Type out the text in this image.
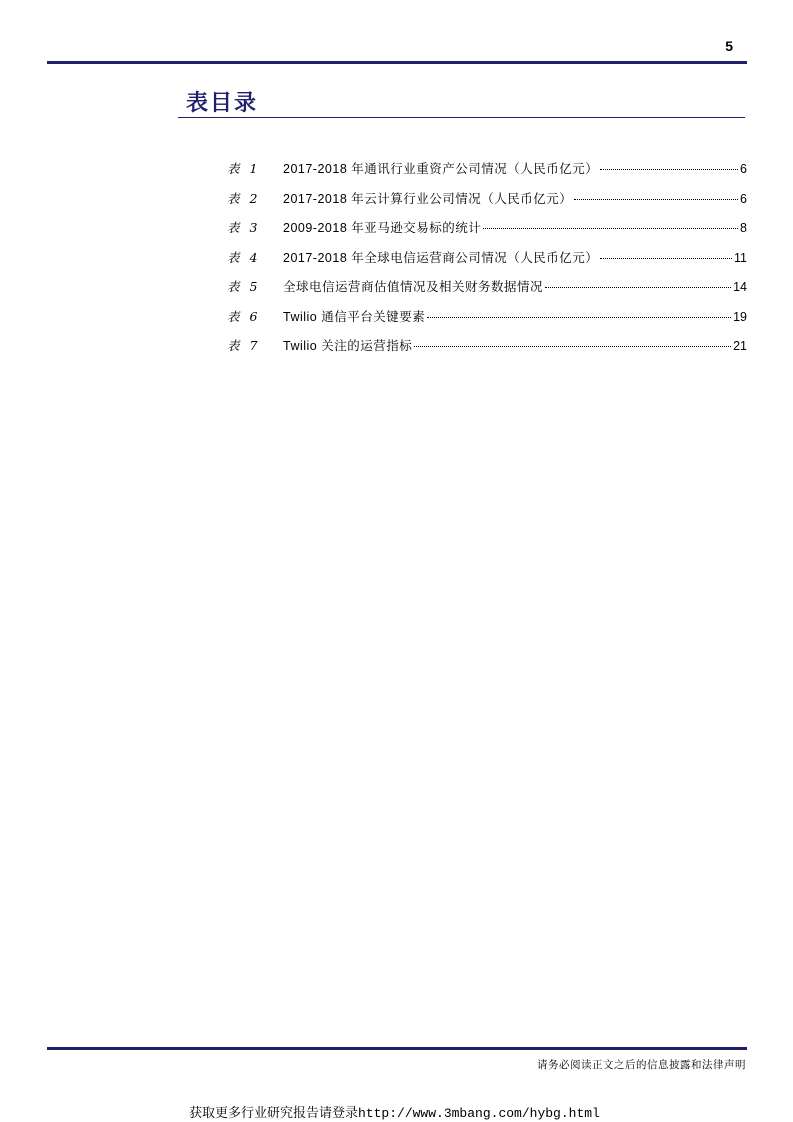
5
表目录
表 1	2017-2018 年通讯行业重资产公司情况（人民币亿元）	6
表 2	2017-2018 年云计算行业公司情况（人民币亿元）	6
表 3	2009-2018 年亚马逊交易标的统计	8
表 4	2017-2018 年全球电信运营商公司情况（人民币亿元）	11
表 5	全球电信运营商估值情况及相关财务数据情况	14
表 6	Twilio 通信平台关键要素	19
表 7	Twilio 关注的运营指标	21
请务必阅读正文之后的信息披露和法律声明
获取更多行业研究报告请登录http://www.3mbang.com/hybg.html
